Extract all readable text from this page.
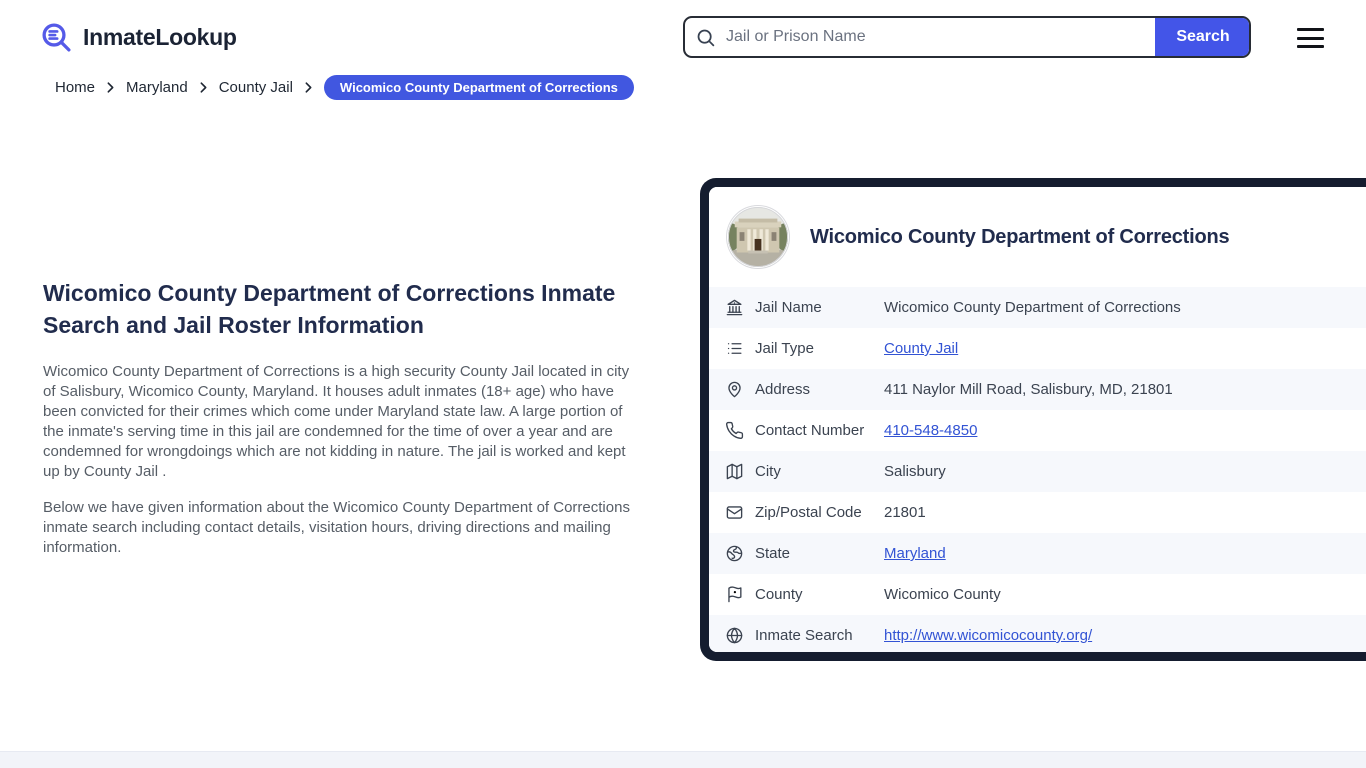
InmateLookup
Jail or Prison Name	Search
Home Maryland County Jail	Wicomico County Department of Corrections
Wicomico County Department of Corrections Inmate Search and Jail Roster Information

Wicomico County Department of Corrections is a high security County Jail located in city of Salisbury, Wicomico County, Maryland. It houses adult inmates (18+ age) who have been convicted for their crimes which come under Maryland state law. A large portion of the inmate's serving time in this jail are condemned for the time of over a year and are condemned for wrongdoings which are not kidding in nature. The jail is worked and kept up by County Jail .

Below we have given information about the Wicomico County Department of Corrections inmate search including contact details, visitation hours, driving directions and mailing information.

Wicomico County Department of Corrections
Jail Name	Wicomico County Department of Corrections
Jail Type	County Jail
Address	411 Naylor Mill Road, Salisbury, MD, 21801
Contact Number	410-548-4850
City	Salisbury
Zip/Postal Code	21801
State	Maryland
County	Wicomico County
Inmate Search	http://www.wicomicocounty.org/
